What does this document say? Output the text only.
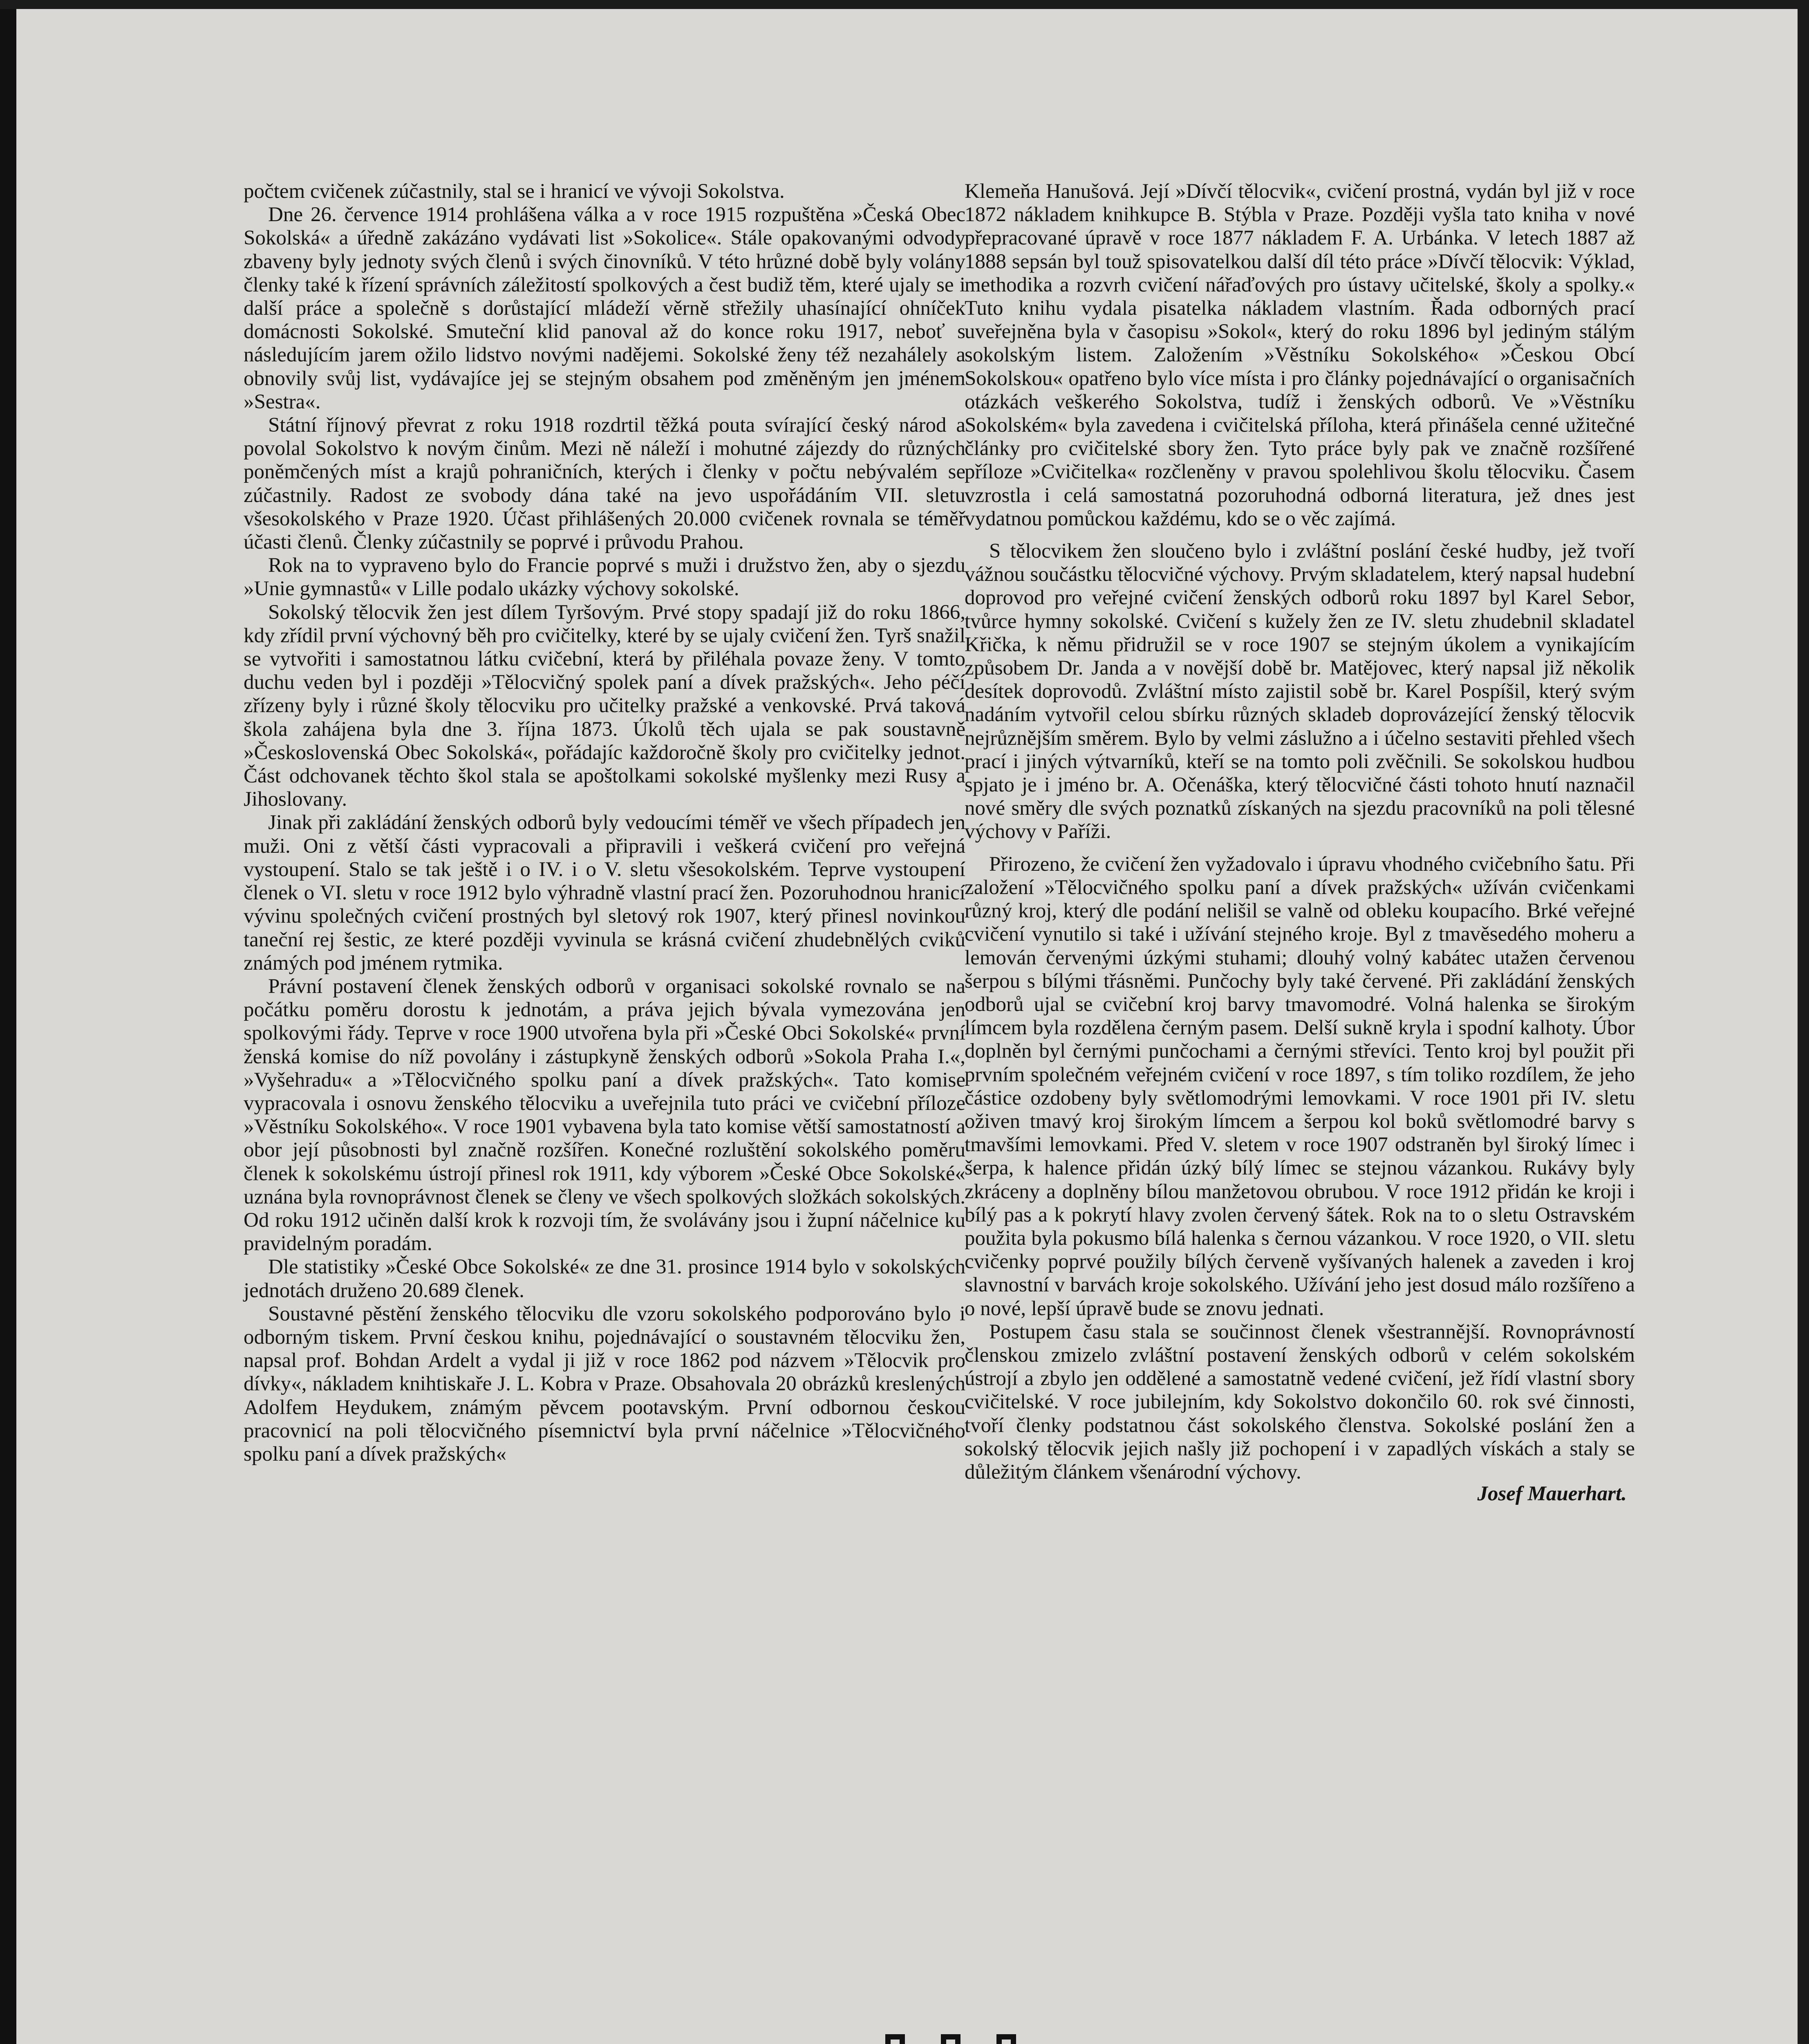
počtem cvičenek zúčastnily, stal se i hranicí ve vývoji Sokolstva.

Dne 26. července 1914 prohlášena válka a v roce 1915 rozpuštěna »Česká Obec Sokolská« a úředně zakázáno vydávati list »Sokolice«. Stále opakovanými odvody zbaveny byly jednoty svých členů i svých činovníků. V této hrůzné době byly volány členky také k řízení správních záležitostí spolkových a čest budiž těm, které ujaly se i další práce a společně s dorůstající mládeží věrně střežily uhasínající ohníček domácnosti Sokolské. Smuteční klid panoval až do konce roku 1917, neboť s následujícím jarem ožilo lidstvo novými nadějemi. Sokolské ženy též nezahálely a obnovily svůj list, vydávajíce jej se stejným obsahem pod změněným jen jménem »Sestra«.

Státní říjnový převrat z roku 1918 rozdrtil těžká pouta svírající český národ a povolal Sokolstvo k novým činům. Mezi ně náleží i mohutné zájezdy do různých poněmčených míst a krajů pohraničních, kterých i členky v počtu nebývalém se zúčastnily. Radost ze svobody dána také na jevo uspořádáním VII. sletu všesokolského v Praze 1920. Účast přihlášených 20.000 cvičenek rovnala se téměř účasti členů. Členky zúčastnily se poprvé i průvodu Prahou.

Rok na to vypraveno bylo do Francie poprvé s muži i družstvo žen, aby o sjezdu »Unie gymnastů« v Lille podalo ukázky výchovy sokolské.

Sokolský tělocvik žen jest dílem Tyršovým. Prvé stopy spadají již do roku 1866, kdy zřídil první výchovný běh pro cvičitelky, které by se ujaly cvičení žen. Tyrš snažil se vytvořiti i samostatnou látku cvičební, která by přiléhala povaze ženy. V tomto duchu veden byl i později »Tělocvičný spolek paní a dívek pražských«. Jeho péčí zřízeny byly i různé školy tělocviku pro učitelky pražské a venkovské. Prvá taková škola zahájena byla dne 3. října 1873. Úkolů těch ujala se pak soustavně »Československá Obec Sokolská«, pořádajíc každoročně školy pro cvičitelky jednot. Část odchovanek těchto škol stala se apoštolkami sokolské myšlenky mezi Rusy a Jihoslovany.

Jinak při zakládání ženských odborů byly vedoucími téměř ve všech případech jen muži. Oni z větší části vypracovali a připravili i veškerá cvičení pro veřejná vystoupení. Stalo se tak ještě i o IV. i o V. sletu všesokolském. Teprve vystoupení členek o VI. sletu v roce 1912 bylo výhradně vlastní prací žen. Pozoruhodnou hranicí vývinu společných cvičení prostných byl sletový rok 1907, který přinesl novinkou taneční rej šestic, ze které později vyvinula se krásná cvičení zhudebnělých cviků známých pod jménem rytmika.

Právní postavení členek ženských odborů v organisaci sokolské rovnalo se na počátku poměru dorostu k jednotám, a práva jejich bývala vymezována jen spolkovými řády. Teprve v roce 1900 utvořena byla při »České Obci Sokolské« první ženská komise do níž povolány i zástupkyně ženských odborů »Sokola Praha I.«, »Vyšehradu« a »Tělocvičného spolku paní a dívek pražských«. Tato komise vypracovala i osnovu ženského tělocviku a uveřejnila tuto práci ve cvičební příloze »Věstníku Sokolského«. V roce 1901 vybavena byla tato komise větší samostatností a obor její působnosti byl značně rozšířen. Konečné rozluštění sokolského poměru členek k sokolskému ústrojí přinesl rok 1911, kdy výborem »České Obce Sokolské« uznána byla rovnoprávnost členek se členy ve všech spolkových složkách sokolských. Od roku 1912 učiněn další krok k rozvoji tím, že svolávány jsou i župní náčelnice ku pravidelným poradám.

Dle statistiky »České Obce Sokolské« ze dne 31. prosince 1914 bylo v sokolských jednotách druženo 20.689 členek.

Soustavné pěstění ženského tělocviku dle vzoru sokolského podporováno bylo i odborným tiskem. První českou knihu, pojednávající o soustavném tělocviku žen, napsal prof. Bohdan Ardelt a vydal ji již v roce 1862 pod názvem »Tělocvik pro dívky«, nákladem knihtiskaře J. L. Kobra v Praze. Obsahovala 20 obrázků kreslených Adolfem Heydukem, známým pěvcem pootavským. První odbornou českou pracovnicí na poli tělocvičného písemnictví byla první náčelnice »Tělocvičného spolku paní a dívek pražských«

Klemeňa Hanušová. Její »Dívčí tělocvik«, cvičení prostná, vydán byl již v roce 1872 nákladem knihkupce B. Stýbla v Praze. Později vyšla tato kniha v nové přepracované úpravě v roce 1877 nákladem F. A. Urbánka. V letech 1887 až 1888 sepsán byl touž spisovatelkou další díl této práce »Dívčí tělocvik: Výklad, methodika a rozvrh cvičení nářaďových pro ústavy učitelské, školy a spolky.« Tuto knihu vydala pisatelka nákladem vlastním. Řada odborných prací uveřejněna byla v časopisu »Sokol«, který do roku 1896 byl jediným stálým sokolským listem. Založením »Věstníku Sokolského« »Českou Obcí Sokolskou« opatřeno bylo více místa i pro články pojednávající o organisačních otázkách veškerého Sokolstva, tudíž i ženských odborů. Ve »Věstníku Sokolském« byla zavedena i cvičitelská příloha, která přinášela cenné užitečné články pro cvičitelské sbory žen. Tyto práce byly pak ve značně rozšířené příloze »Cvičitelka« rozčleněny v pravou spolehlivou školu tělocviku. Časem vzrostla i celá samostatná pozoruhodná odborná literatura, jež dnes jest vydatnou pomůckou každému, kdo se o věc zajímá.

S tělocvikem žen sloučeno bylo i zvláštní poslání české hudby, jež tvoří vážnou součástku tělocvičné výchovy. Prvým skladatelem, který napsal hudební doprovod pro veřejné cvičení ženských odborů roku 1897 byl Karel Sebor, tvůrce hymny sokolské. Cvičení s kužely žen ze IV. sletu zhudebnil skladatel Křička, k němu přidružil se v roce 1907 se stejným úkolem a vynikajícím způsobem Dr. Janda a v novější době br. Matějovec, který napsal již několik desítek doprovodů. Zvláštní místo zajistil sobě br. Karel Pospíšil, který svým nadáním vytvořil celou sbírku různých skladeb doprovázející ženský tělocvik nejrůznějším směrem. Bylo by velmi záslužno a i účelno sestaviti přehled všech prací i jiných výtvarníků, kteří se na tomto poli zvěčnili. Se sokolskou hudbou spjato je i jméno br. A. Očenáška, který tělocvičné části tohoto hnutí naznačil nové směry dle svých poznatků získaných na sjezdu pracovníků na poli tělesné výchovy v Paříži.

Přirozeno, že cvičení žen vyžadovalo i úpravu vhodného cvičebního šatu. Při založení »Tělocvičného spolku paní a dívek pražských« užíván cvičenkami různý kroj, který dle podání nelišil se valně od obleku koupacího. Brké veřejné cvičení vynutilo si také i užívání stejného kroje. Byl z tmavěsedého moheru a lemován červenými úzkými stuhami; dlouhý volný kabátec utažen červenou šerpou s bílými třásněmi. Punčochy byly také červené. Při zakládání ženských odborů ujal se cvičební kroj barvy tmavomodré. Volná halenka se širokým límcem byla rozdělena černým pasem. Delší sukně kryla i spodní kalhoty. Úbor doplněn byl černými punčochami a černými střevíci. Tento kroj byl použit při prvním společném veřejném cvičení v roce 1897, s tím toliko rozdílem, že jeho částice ozdobeny byly světlomodrými lemovkami. V roce 1901 při IV. sletu oživen tmavý kroj širokým límcem a šerpou kol boků světlomodré barvy s tmavšími lemovkami. Před V. sletem v roce 1907 odstraněn byl široký límec i šerpa, k halence přidán úzký bílý límec se stejnou vázankou. Rukávy byly zkráceny a doplněny bílou manžetovou obrubou. V roce 1912 přidán ke kroji i bílý pas a k pokrytí hlavy zvolen červený šátek. Rok na to o sletu Ostravském použita byla pokusmo bílá halenka s černou vázankou. V roce 1920, o VII. sletu cvičenky poprvé použily bílých červeně vyšívaných halenek a zaveden i kroj slavnostní v barvách kroje sokolského. Užívání jeho jest dosud málo rozšířeno a o nové, lepší úpravě bude se znovu jednati.

Postupem času stala se součinnost členek všestrannější. Rovnoprávností členskou zmizelo zvláštní postavení ženských odborů v celém sokolském ústrojí a zbylo jen oddělené a samostatně vedené cvičení, jež řídí vlastní sbory cvičitelské. V roce jubilejním, kdy Sokolstvo dokončilo 60. rok své činnosti, tvoří členky podstatnou část sokolského členstva. Sokolské poslání žen a sokolský tělocvik jejich našly již pochopení i v zapadlých vískách a staly se důležitým článkem všenárodní výchovy.

Josef Mauerhart.
